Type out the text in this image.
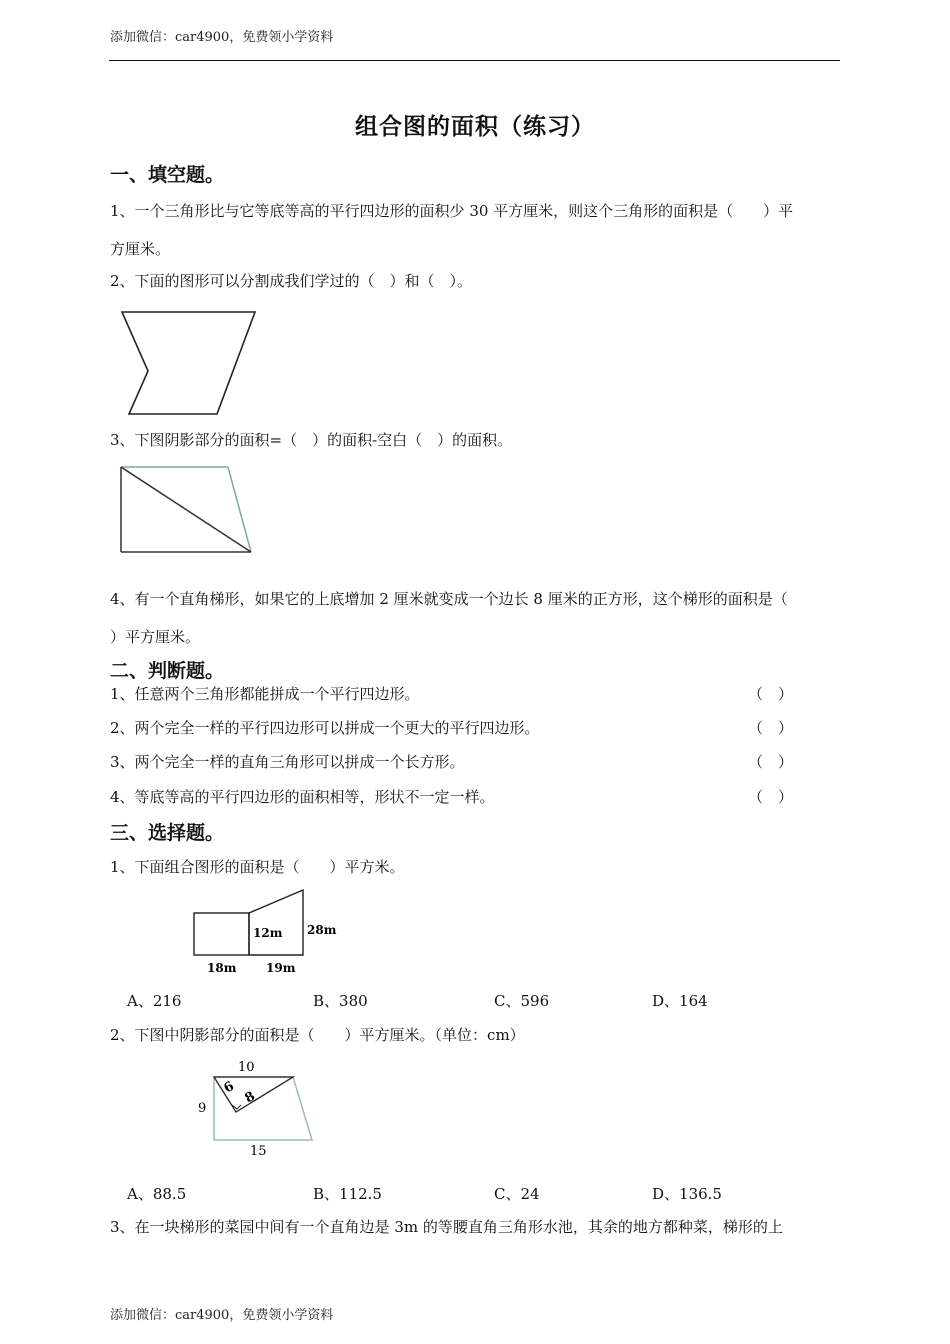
添加微信：car4900，免费领小学资料
组合图的面积（练习）
一、填空题。
1、一个三角形比与它等底等高的平行四边形的面积少 30 平方厘米，则这个三角形的面积是（　　）平
方厘米。
2、下面的图形可以分割成我们学过的（　）和（　）。
3、下图阴影部分的面积=（　）的面积-空白（　）的面积。
4、有一个直角梯形，如果它的上底增加 2 厘米就变成一个边长 8 厘米的正方形，这个梯形的面积是（
）平方厘米。
二、判断题。
1、任意两个三角形都能拼成一个平行四边形。	（　）
2、两个完全一样的平行四边形可以拼成一个更大的平行四边形。	（　）
3、两个完全一样的直角三角形可以拼成一个长方形。	（　）
4、等底等高的平行四边形的面积相等，形状不一定一样。	（　）
三、选择题。
1、下面组合图形的面积是（　　）平方米。
12m 28m
18m 19m
A、216	B、380	C、596	D、164
2、下图中阴影部分的面积是（　　）平方厘米。（单位：cm）
10
9
15
6
8
A、88.5	B、112.5	C、24	D、136.5
3、在一块梯形的菜园中间有一个直角边是 3m 的等腰直角三角形水池，其余的地方都种菜，梯形的上
添加微信：car4900，免费领小学资料
